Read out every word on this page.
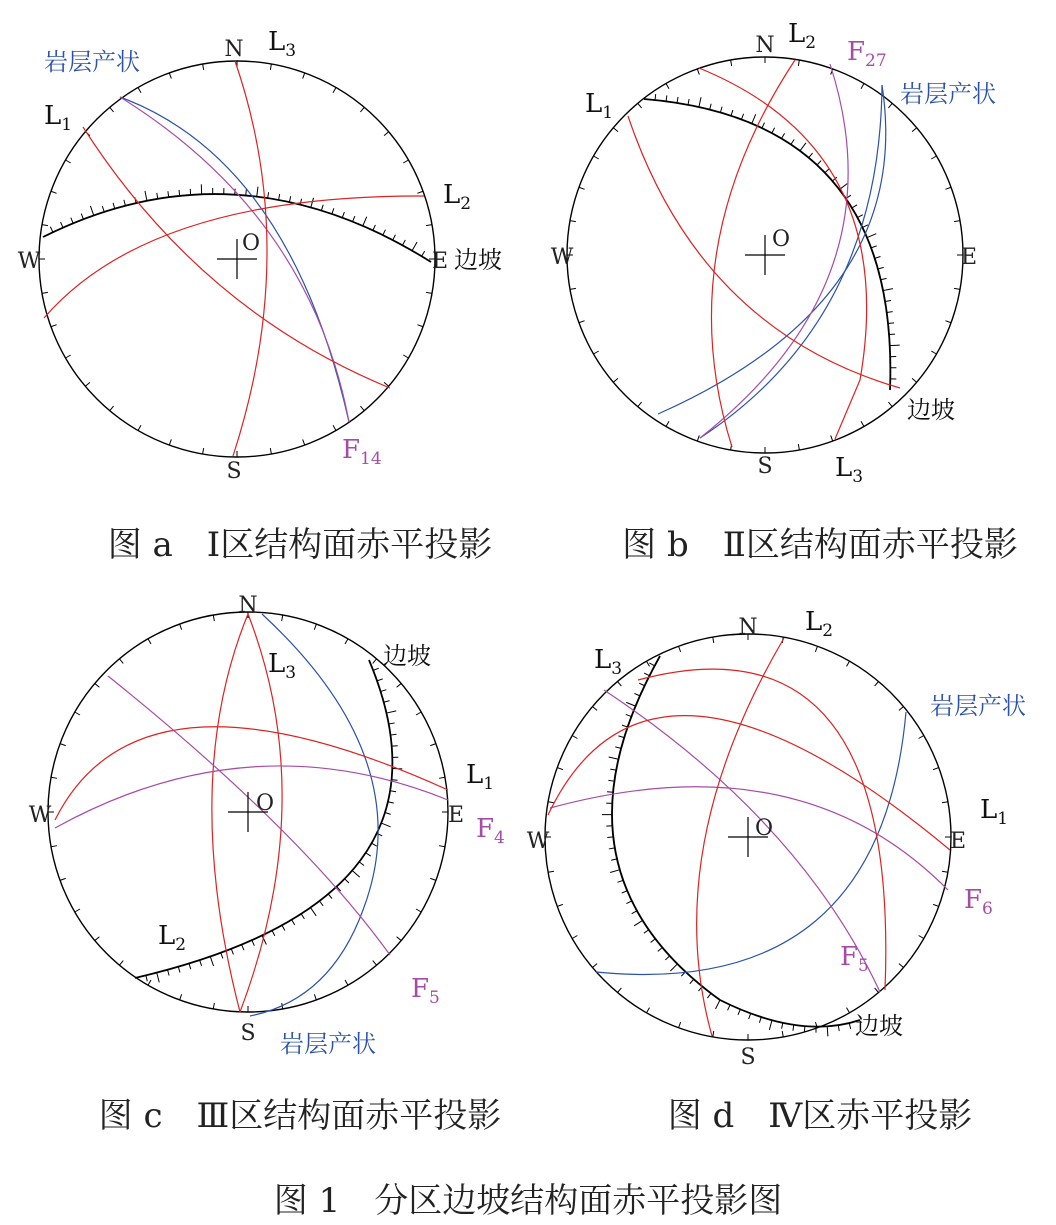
O
N
S
E
W
$L_1$
$L_2$
$L_3$
$F_{14}$
岩层产状
边坡
图 a　Ⅰ区结构面赤平投影
O
N
S
E
W
$L_1$
$L_2$
$L_3$
$F_{27}$
岩层产状
边坡
图 b　Ⅱ区结构面赤平投影
O
N
S
E
W
$L_1$
$L_2$
$L_3$
$F_4$
$F_5$
岩层产状
边坡
图 c　Ⅲ区结构面赤平投影
O
N
S
E
W
$L_1$
$L_2$
$L_3$
$F_5$
$F_6$
岩层产状
边坡
图 d　Ⅳ区赤平投影
图 1　分区边坡结构面赤平投影图
